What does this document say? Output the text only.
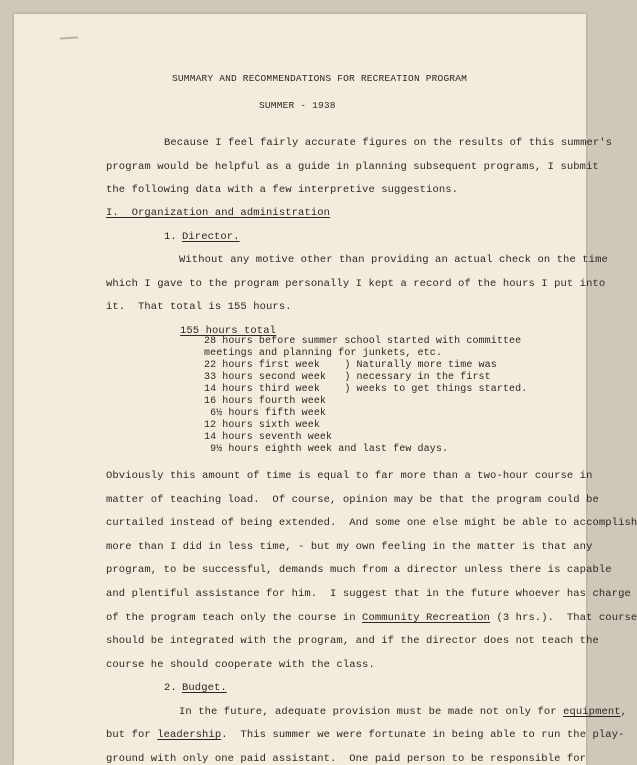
SUMMARY AND RECOMMENDATIONS FOR RECREATION PROGRAM
SUMMER - 1938
Because I feel fairly accurate figures on the results of this summer's
program would be helpful as a guide in planning subsequent programs, I submit
the following data with a few interpretive suggestions.
I.  Organization and administration
1. Director.
Without any motive other than providing an actual check on the time
which I gave to the program personally I kept a record of the hours I put into
it.  That total is 155 hours.
155 hours total
28 hours before summer school started with committee
meetings and planning for junkets, etc.
22 hours first week    ) Naturally more time was
33 hours second week   ) necessary in the first
14 hours third week    ) weeks to get things started.
16 hours fourth week
6½ hours fifth week
12 hours sixth week
14 hours seventh week
9½ hours eighth week and last few days.
Obviously this amount of time is equal to far more than a two-hour course in
matter of teaching load.  Of course, opinion may be that the program could be
curtailed instead of being extended.  And some one else might be able to accomplish
more than I did in less time, - but my own feeling in the matter is that any
program, to be successful, demands much from a director unless there is capable
and plentiful assistance for him.  I suggest that in the future whoever has charge
of the program teach only the course in Community Recreation (3 hrs.).  That course
should be integrated with the program, and if the director does not teach the
course he should cooperate with the class.
2. Budget.
In the future, adequate provision must be made not only for equipment,
but for leadership.  This summer we were fortunate in being able to run the play-
ground with only one paid assistant.  One paid person to be responsible for
